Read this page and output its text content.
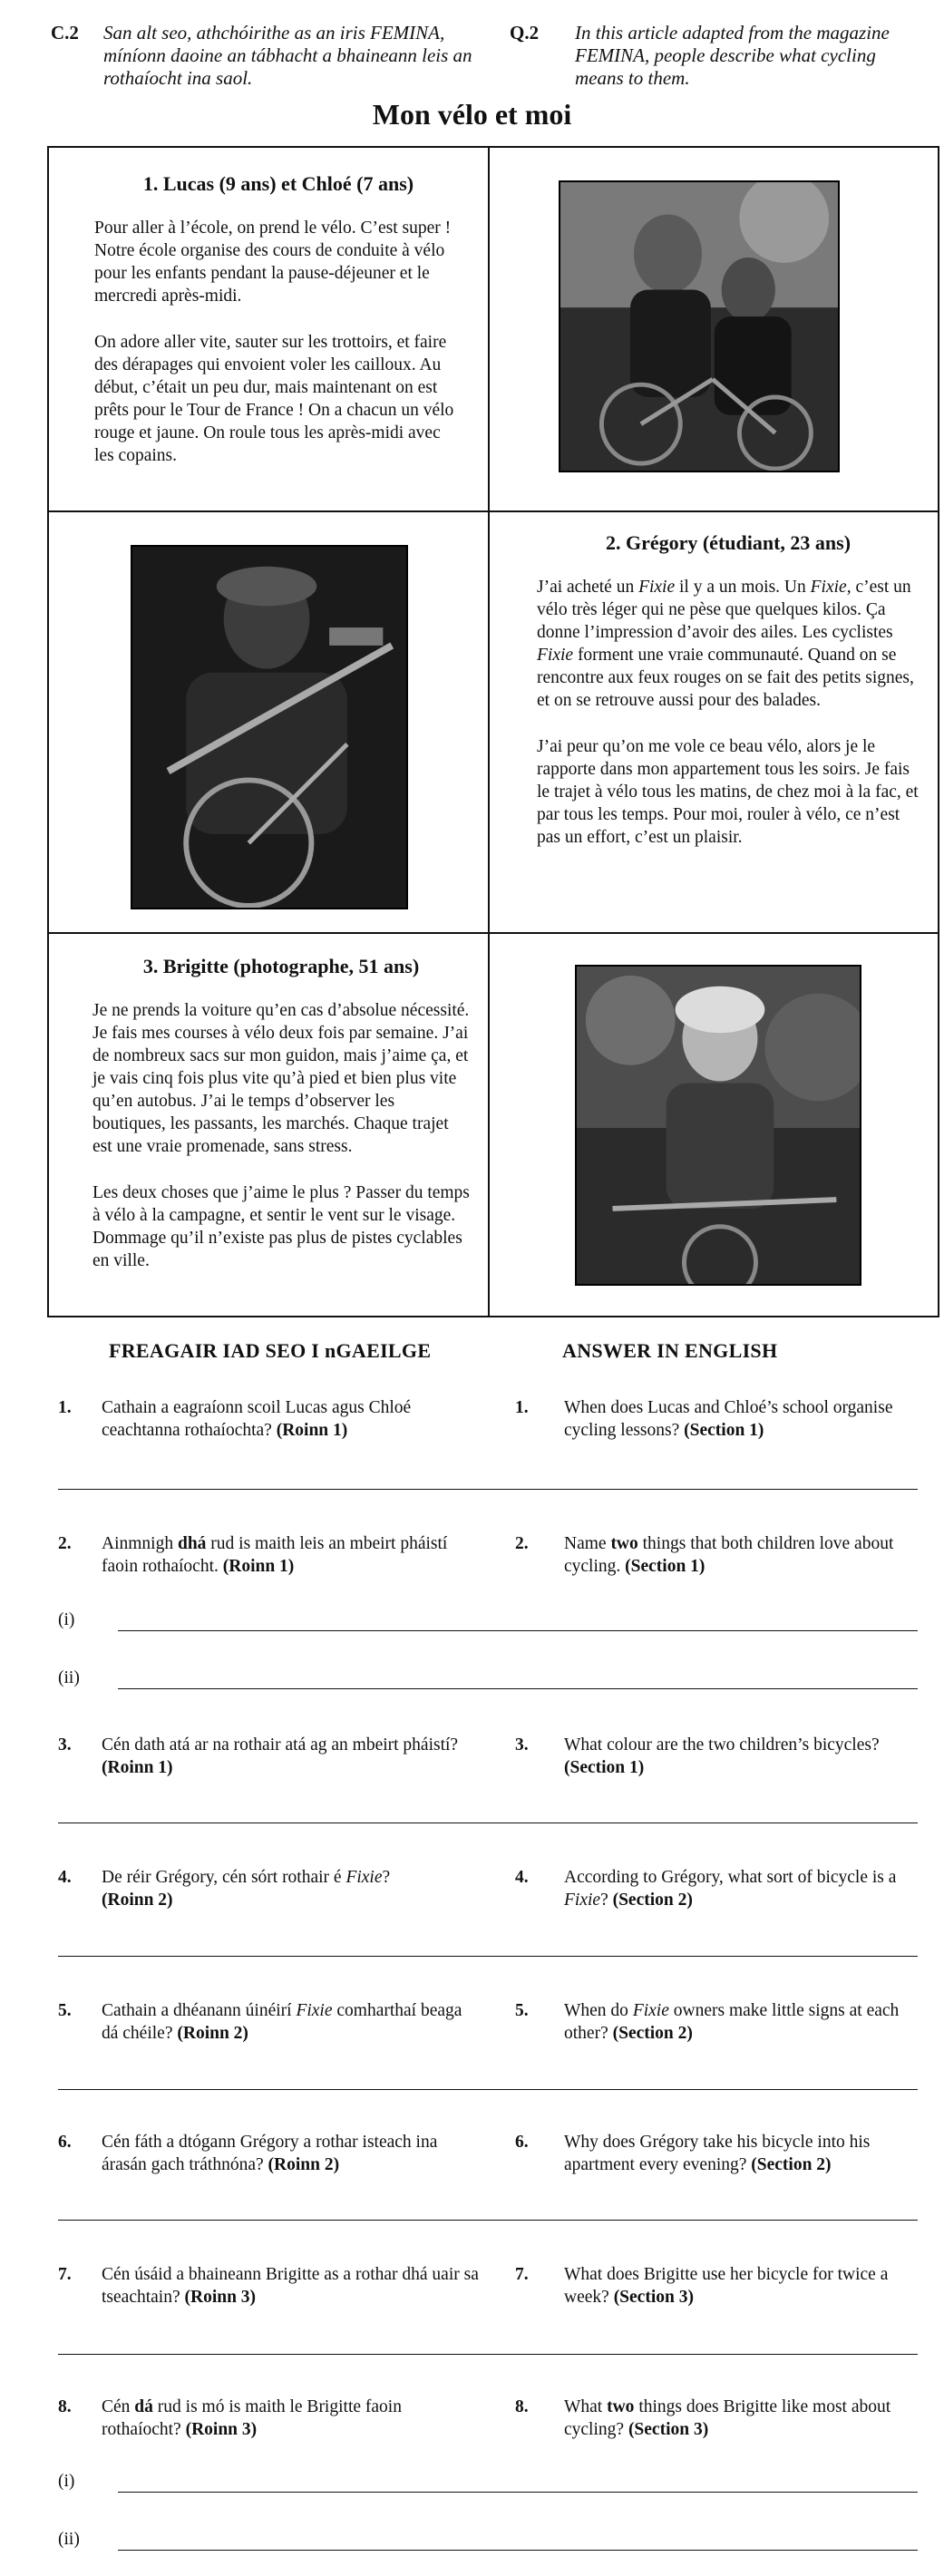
C.2 San alt seo, athchóirithe as an iris FEMINA, míníonn daoine an tábhacht a bhaineann leis an rothaíocht ina saol.
Q.2 In this article adapted from the magazine FEMINA, people describe what cycling means to them.
Mon vélo et moi
1. Lucas (9 ans) et Chloé (7 ans)

Pour aller à l’école, on prend le vélo. C’est super ! Notre école organise des cours de conduite à vélo pour les enfants pendant la pause-déjeuner et le mercredi après-midi.

On adore aller vite, sauter sur les trottoirs, et faire des dérapages qui envoient voler les cailloux. Au début, c’était un peu dur, mais maintenant on est prêts pour le Tour de France ! On a chacun un vélo rouge et jaune. On roule tous les après-midi avec les copains.

2. Grégory (étudiant, 23 ans)

J’ai acheté un Fixie il y a un mois. Un Fixie, c’est un vélo très léger qui ne pèse que quelques kilos. Ça donne l’impression d’avoir des ailes. Les cyclistes Fixie forment une vraie communauté. Quand on se rencontre aux feux rouges on se fait des petits signes, et on se retrouve aussi pour des balades.

J’ai peur qu’on me vole ce beau vélo, alors je le rapporte dans mon appartement tous les soirs. Je fais le trajet à vélo tous les matins, de chez moi à la fac, et par tous les temps. Pour moi, rouler à vélo, ce n’est pas un effort, c’est un plaisir.

3. Brigitte (photographe, 51 ans)

Je ne prends la voiture qu’en cas d’absolue nécessité. Je fais mes courses à vélo deux fois par semaine. J’ai de nombreux sacs sur mon guidon, mais j’aime ça, et je vais cinq fois plus vite qu’à pied et bien plus vite qu’en autobus. J’ai le temps d’observer les boutiques, les passants, les marchés. Chaque trajet est une vraie promenade, sans stress.

Les deux choses que j’aime le plus ? Passer du temps à vélo à la campagne, et sentir le vent sur le visage. Dommage qu’il n’existe pas plus de pistes cyclables en ville.

FREAGAIR IAD SEO I nGAEILGE	ANSWER IN ENGLISH
1. Cathain a eagraíonn scoil Lucas agus Chloé ceachtanna rothaíochta? (Roinn 1)
1. When does Lucas and Chloé’s school organise cycling lessons? (Section 1)
2. Ainmnigh dhá rud is maith leis an mbeirt pháistí faoin rothaíocht. (Roinn 1)
2. Name two things that both children love about cycling. (Section 1)
(i)
(ii)
3. Cén dath atá ar na rothair atá ag an mbeirt pháistí? (Roinn 1)
3. What colour are the two children’s bicycles? (Section 1)
4. De réir Grégory, cén sórt rothair é Fixie?
(Roinn 2)
4. According to Grégory, what sort of bicycle is a Fixie? (Section 2)
5. Cathain a dhéanann úinéirí Fixie comharthaí beaga dá chéile? (Roinn 2)
5. When do Fixie owners make little signs at each other? (Section 2)
6. Cén fáth a dtógann Grégory a rothar isteach ina árasán gach tráthnóna? (Roinn 2)
6. Why does Grégory take his bicycle into his apartment every evening? (Section 2)
7. Cén úsáid a bhaineann Brigitte as a rothar dhá uair sa tseachtain? (Roinn 3)
7. What does Brigitte use her bicycle for twice a week? (Section 3)
8. Cén dá rud is mó is maith le Brigitte faoin rothaíocht? (Roinn 3)
8. What two things does Brigitte like most about cycling? (Section 3)
(i)
(ii)
